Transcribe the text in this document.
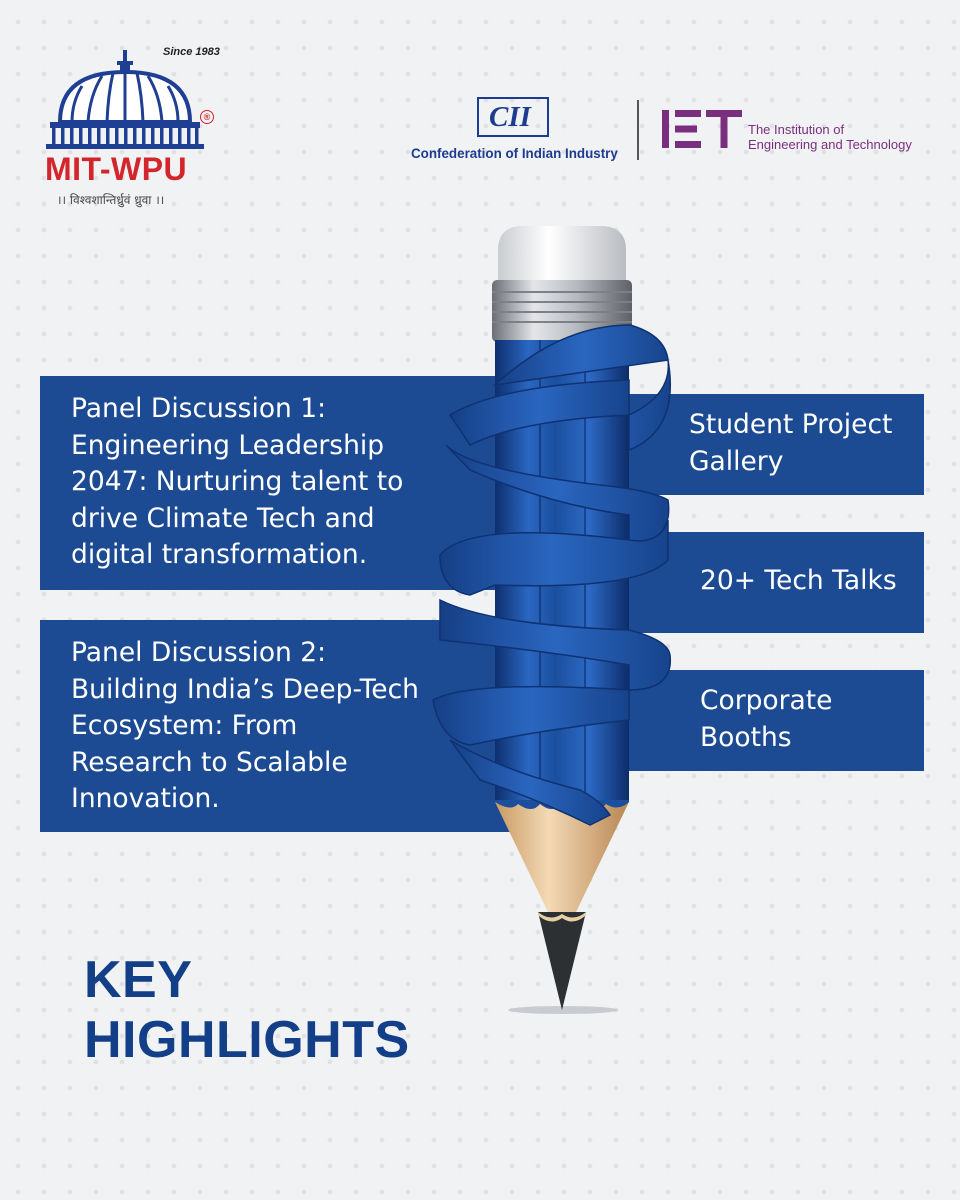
Since 1983
®
MIT-WPU
।। विश्वशान्तिर्ध्रुवं ध्रुवा ।।
CII
Confederation of Indian Industry
The Institution of
Engineering and Technology
Panel Discussion 1:
Engineering Leadership
2047: Nurturing talent to
drive Climate Tech and
digital transformation.
Panel Discussion 2:
Building India’s Deep-Tech
Ecosystem: From
Research to Scalable
Innovation.
Student Project
Gallery
20+ Tech Talks
Corporate
Booths
KEY
HIGHLIGHTS
